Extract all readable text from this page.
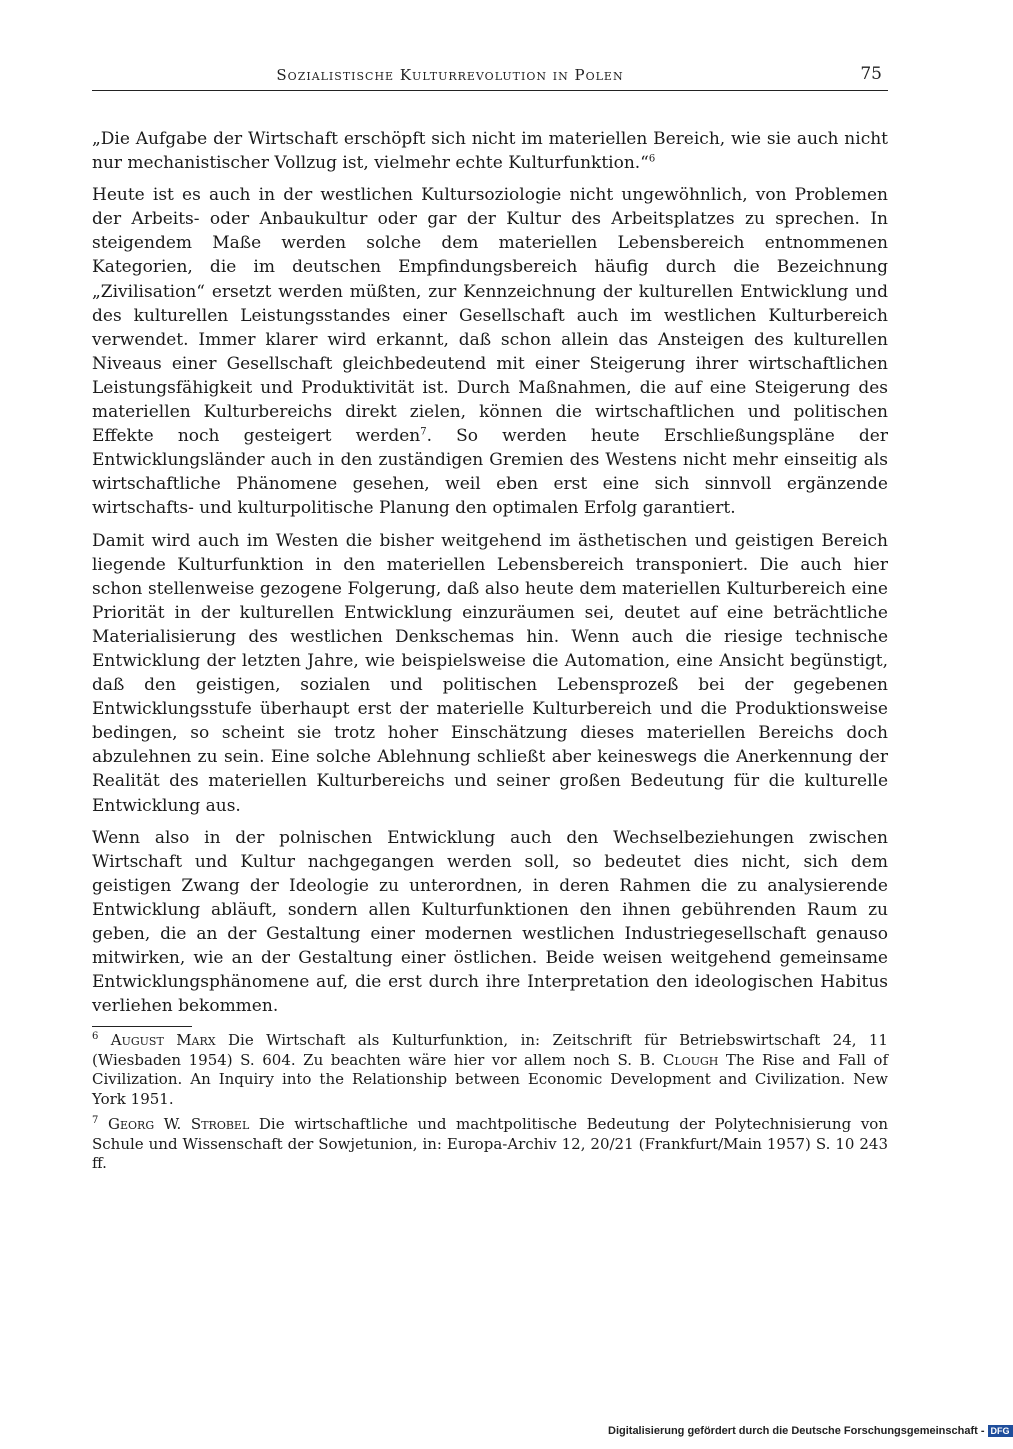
Sozialistische Kulturrevolution in Polen	75

„Die Aufgabe der Wirtschaft erschöpft sich nicht im materiellen Bereich, wie sie auch nicht nur mechanistischer Vollzug ist, vielmehr echte Kulturfunktion.“$^6$

Heute ist es auch in der westlichen Kultursoziologie nicht ungewöhnlich, von Problemen der Arbeits- oder Anbaukultur oder gar der Kultur des Arbeitsplatzes zu sprechen. In steigendem Maße werden solche dem materiellen Lebensbereich entnommenen Kategorien, die im deutschen Empfindungsbereich häufig durch die Bezeichnung „Zivilisation“ ersetzt werden müßten, zur Kennzeichnung der kulturellen Entwicklung und des kulturellen Leistungsstandes einer Gesellschaft auch im westlichen Kulturbereich verwendet. Immer klarer wird erkannt, daß schon allein das Ansteigen des kulturellen Niveaus einer Gesellschaft gleichbedeutend mit einer Steigerung ihrer wirtschaftlichen Leistungsfähigkeit und Produktivität ist. Durch Maßnahmen, die auf eine Steigerung des materiellen Kulturbereichs direkt zielen, können die wirtschaftlichen und politischen Effekte noch gesteigert werden$^7$. So werden heute Erschließungspläne der Entwicklungsländer auch in den zuständigen Gremien des Westens nicht mehr einseitig als wirtschaftliche Phänomene gesehen, weil eben erst eine sich sinnvoll ergänzende wirtschafts- und kulturpolitische Planung den optimalen Erfolg garantiert.

Damit wird auch im Westen die bisher weitgehend im ästhetischen und geistigen Bereich liegende Kulturfunktion in den materiellen Lebensbereich transponiert. Die auch hier schon stellenweise gezogene Folgerung, daß also heute dem materiellen Kulturbereich eine Priorität in der kulturellen Entwicklung einzuräumen sei, deutet auf eine beträchtliche Materialisierung des westlichen Denkschemas hin. Wenn auch die riesige technische Entwicklung der letzten Jahre, wie beispielsweise die Automation, eine Ansicht begünstigt, daß den geistigen, sozialen und politischen Lebensprozeß bei der gegebenen Entwicklungsstufe überhaupt erst der materielle Kulturbereich und die Produktionsweise bedingen, so scheint sie trotz hoher Einschätzung dieses materiellen Bereichs doch abzulehnen zu sein. Eine solche Ablehnung schließt aber keineswegs die Anerkennung der Realität des materiellen Kulturbereichs und seiner großen Bedeutung für die kulturelle Entwicklung aus.

Wenn also in der polnischen Entwicklung auch den Wechselbeziehungen zwischen Wirtschaft und Kultur nachgegangen werden soll, so bedeutet dies nicht, sich dem geistigen Zwang der Ideologie zu unterordnen, in deren Rahmen die zu analysierende Entwicklung abläuft, sondern allen Kulturfunktionen den ihnen gebührenden Raum zu geben, die an der Gestaltung einer modernen westlichen Industriegesellschaft genauso mitwirken, wie an der Gestaltung einer östlichen. Beide weisen weitgehend gemeinsame Entwicklungsphänomene auf, die erst durch ihre Interpretation den ideologischen Habitus verliehen bekommen.

$^6$ August Marx Die Wirtschaft als Kulturfunktion, in: Zeitschrift für Betriebswirtschaft 24, 11 (Wiesbaden 1954) S. 604. Zu beachten wäre hier vor allem noch S. B. Clough The Rise and Fall of Civilization. An Inquiry into the Relationship between Economic Development and Civilization. New York 1951.

$^7$ Georg W. Strobel Die wirtschaftliche und machtpolitische Bedeutung der Polytechnisierung von Schule und Wissenschaft der Sowjetunion, in: Europa-Archiv 12, 20/21 (Frankfurt/Main 1957) S. 10 243 ff.

Digitalisierung gefördert durch die Deutsche Forschungsgemeinschaft - DFG
